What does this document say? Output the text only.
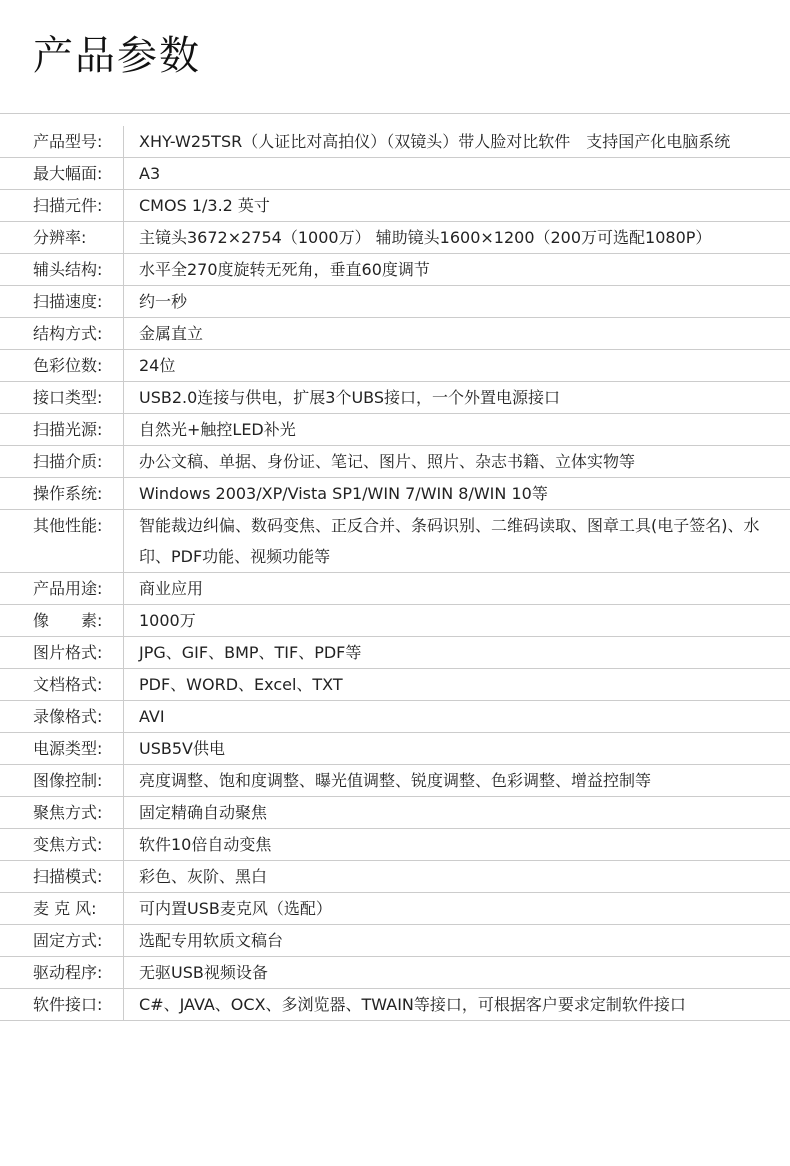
产品参数
产品型号:	XHY-W25TSR（人证比对高拍仪）（双镜头）带人脸对比软件　支持国产化电脑系统
最大幅面:	A3
扫描元件:	CMOS 1/3.2 英寸
分辨率:	主镜头3672×2754（1000万） 辅助镜头1600×1200（200万可选配1080P）
辅头结构:	水平全270度旋转无死角，垂直60度调节
扫描速度:	约一秒
结构方式:	金属直立
色彩位数:	24位
接口类型:	USB2.0连接与供电，扩展3个UBS接口，一个外置电源接口
扫描光源:	自然光+触控LED补光
扫描介质:	办公文稿、单据、身份证、笔记、图片、照片、杂志书籍、立体实物等
操作系统:	Windows 2003/XP/Vista SP1/WIN 7/WIN 8/WIN 10等
其他性能:	智能裁边纠偏、数码变焦、正反合并、条码识别、二维码读取、图章工具(电子签名)、水印、PDF功能、视频功能等
产品用途:	商业应用
像　　素:	1000万
图片格式:	JPG、GIF、BMP、TIF、PDF等
文档格式:	PDF、WORD、Excel、TXT
录像格式:	AVI
电源类型:	USB5V供电
图像控制:	亮度调整、饱和度调整、曝光值调整、锐度调整、色彩调整、增益控制等
聚焦方式:	固定精确自动聚焦
变焦方式:	软件10倍自动变焦
扫描模式:	彩色、灰阶、黑白
麦 克 风:	可内置USB麦克风（选配）
固定方式:	选配专用软质文稿台
驱动程序:	无驱USB视频设备
软件接口:	C#、JAVA、OCX、多浏览器、TWAIN等接口，可根据客户要求定制软件接口
